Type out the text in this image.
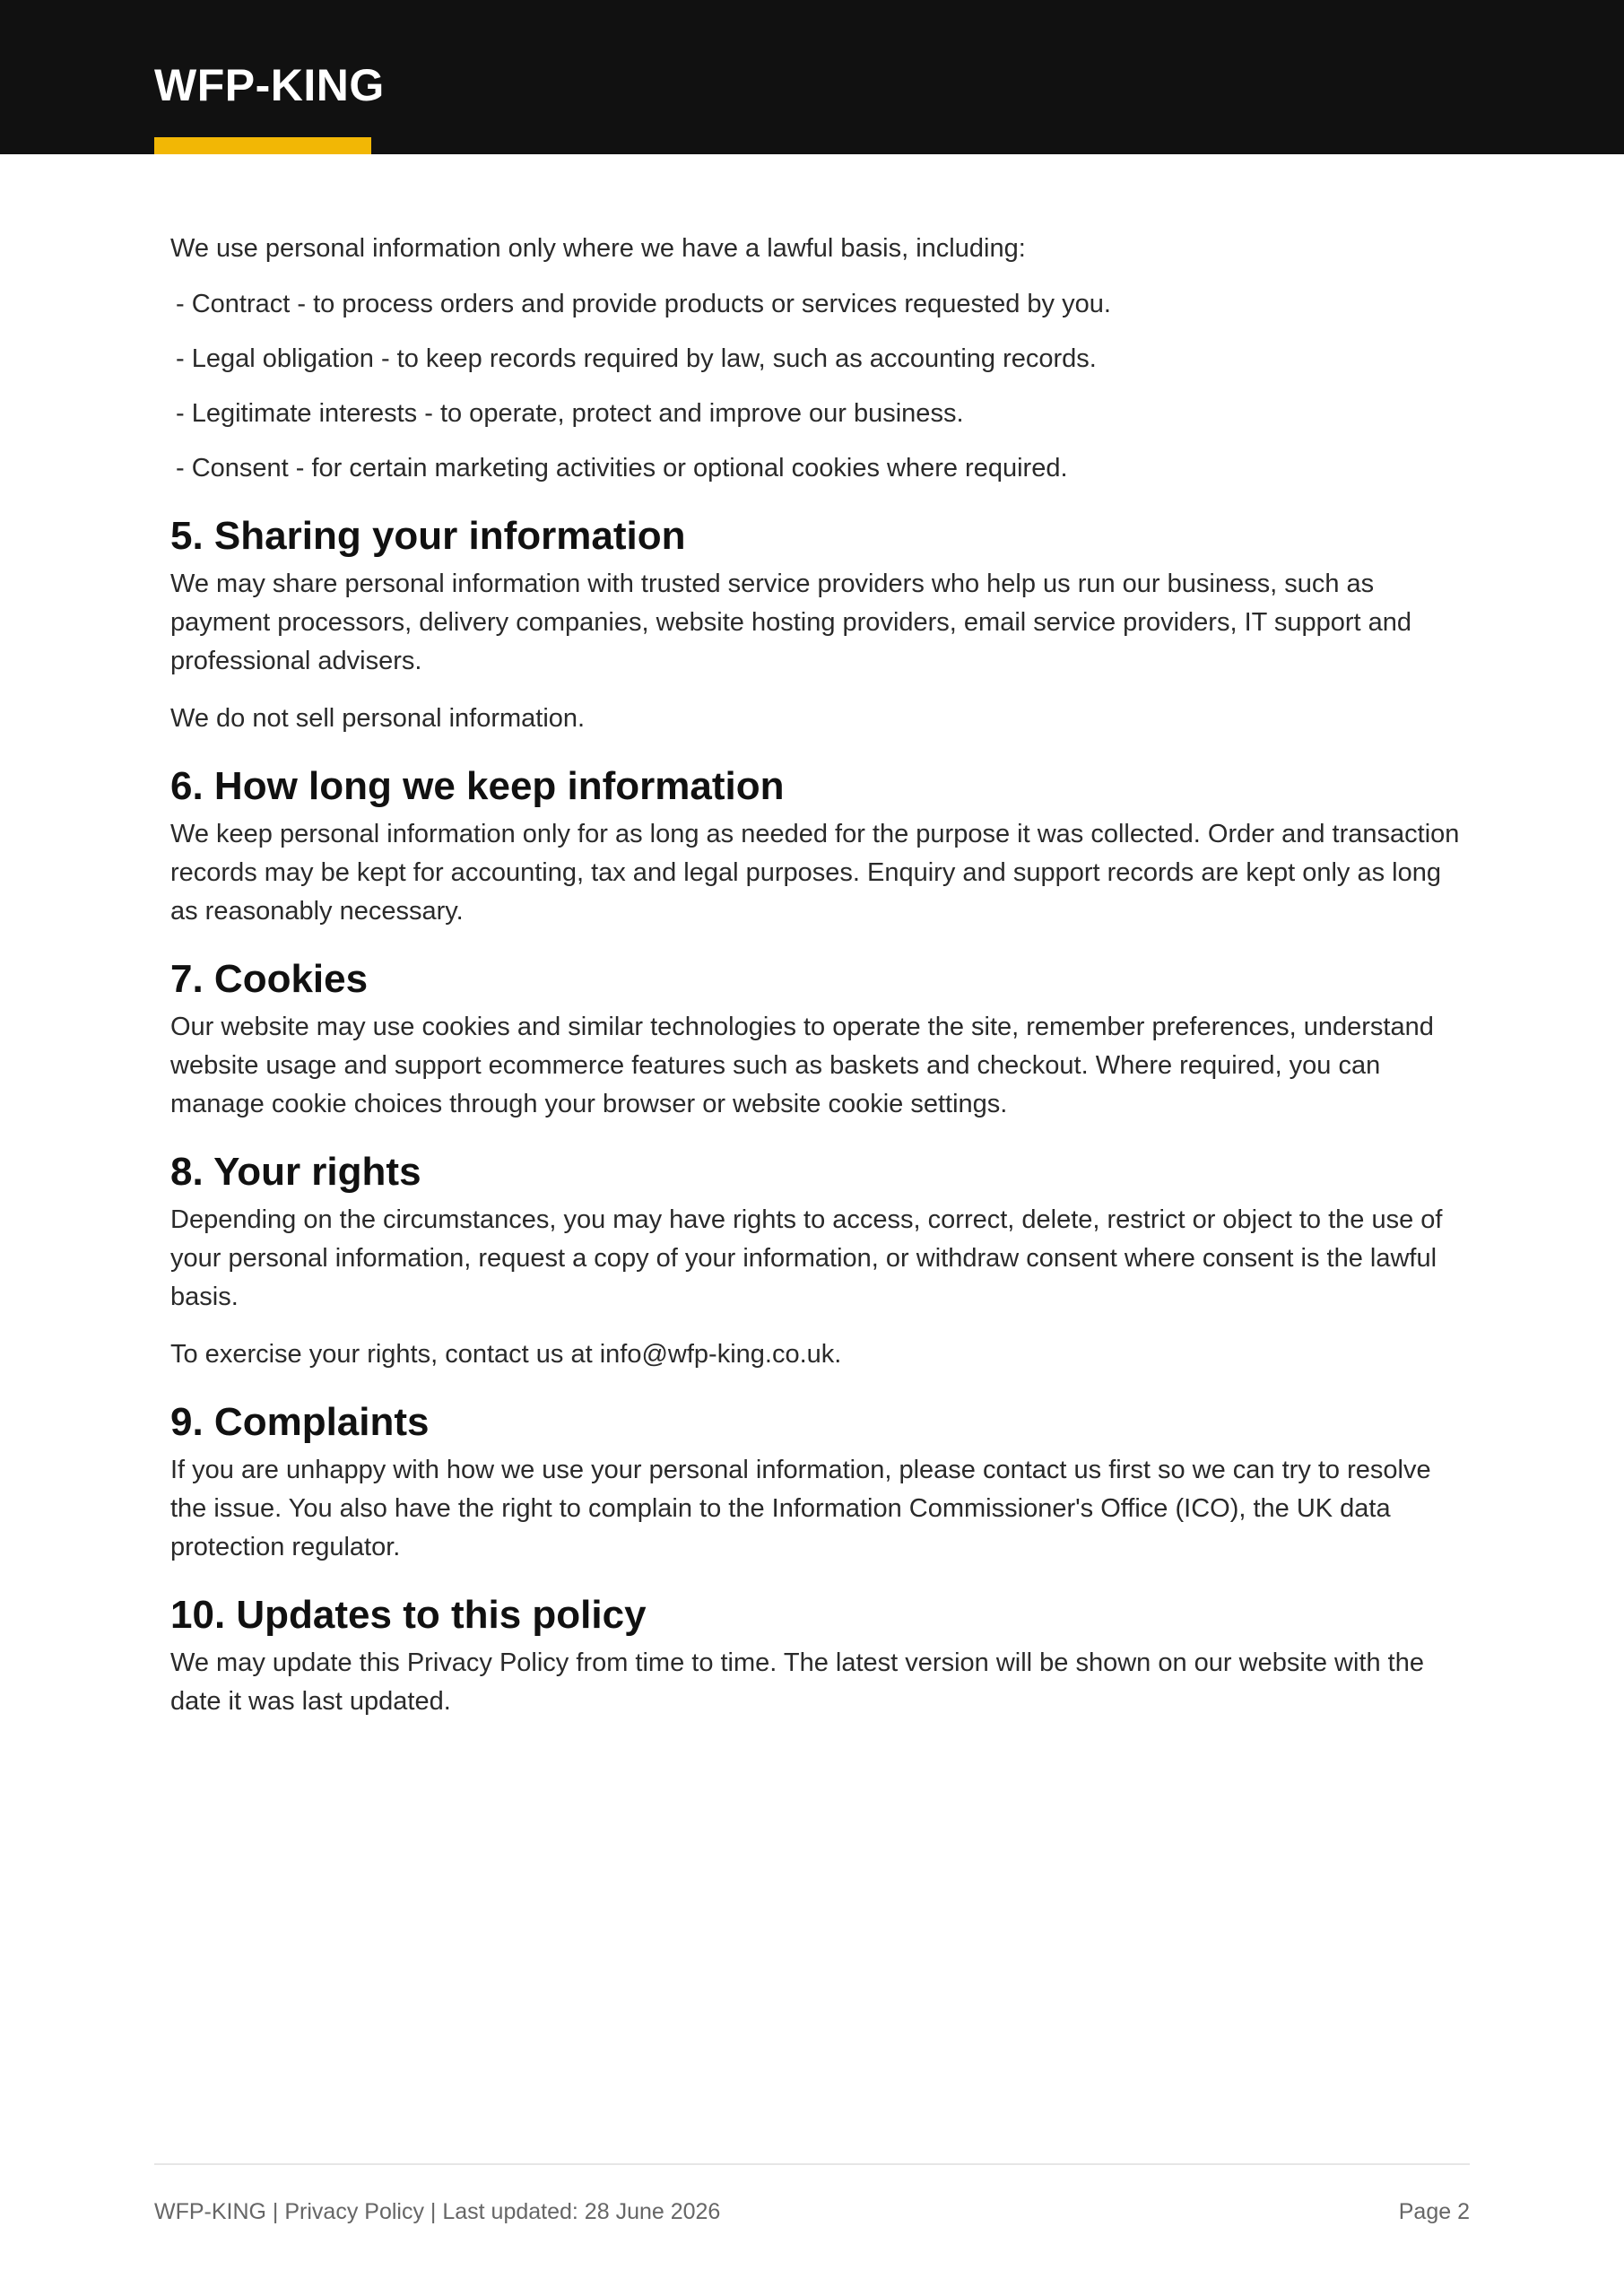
WFP-KING

We use personal information only where we have a lawful basis, including:

- Contract - to process orders and provide products or services requested by you.
- Legal obligation - to keep records required by law, such as accounting records.
- Legitimate interests - to operate, protect and improve our business.
- Consent - for certain marketing activities or optional cookies where required.
5. Sharing your information

We may share personal information with trusted service providers who help us run our business, such as payment processors, delivery companies, website hosting providers, email service providers, IT support and professional advisers.

We do not sell personal information.

6. How long we keep information

We keep personal information only for as long as needed for the purpose it was collected. Order and transaction records may be kept for accounting, tax and legal purposes. Enquiry and support records are kept only as long as reasonably necessary.

7. Cookies

Our website may use cookies and similar technologies to operate the site, remember preferences, understand website usage and support ecommerce features such as baskets and checkout. Where required, you can manage cookie choices through your browser or website cookie settings.

8. Your rights

Depending on the circumstances, you may have rights to access, correct, delete, restrict or object to the use of your personal information, request a copy of your information, or withdraw consent where consent is the lawful basis.

To exercise your rights, contact us at info@wfp-king.co.uk.

9. Complaints

If you are unhappy with how we use your personal information, please contact us first so we can try to resolve the issue. You also have the right to complain to the Information Commissioner's Office (ICO), the UK data protection regulator.

10. Updates to this policy

We may update this Privacy Policy from time to time. The latest version will be shown on our website with the date it was last updated.

WFP-KING | Privacy Policy | Last updated: 28 June 2026	Page 2
